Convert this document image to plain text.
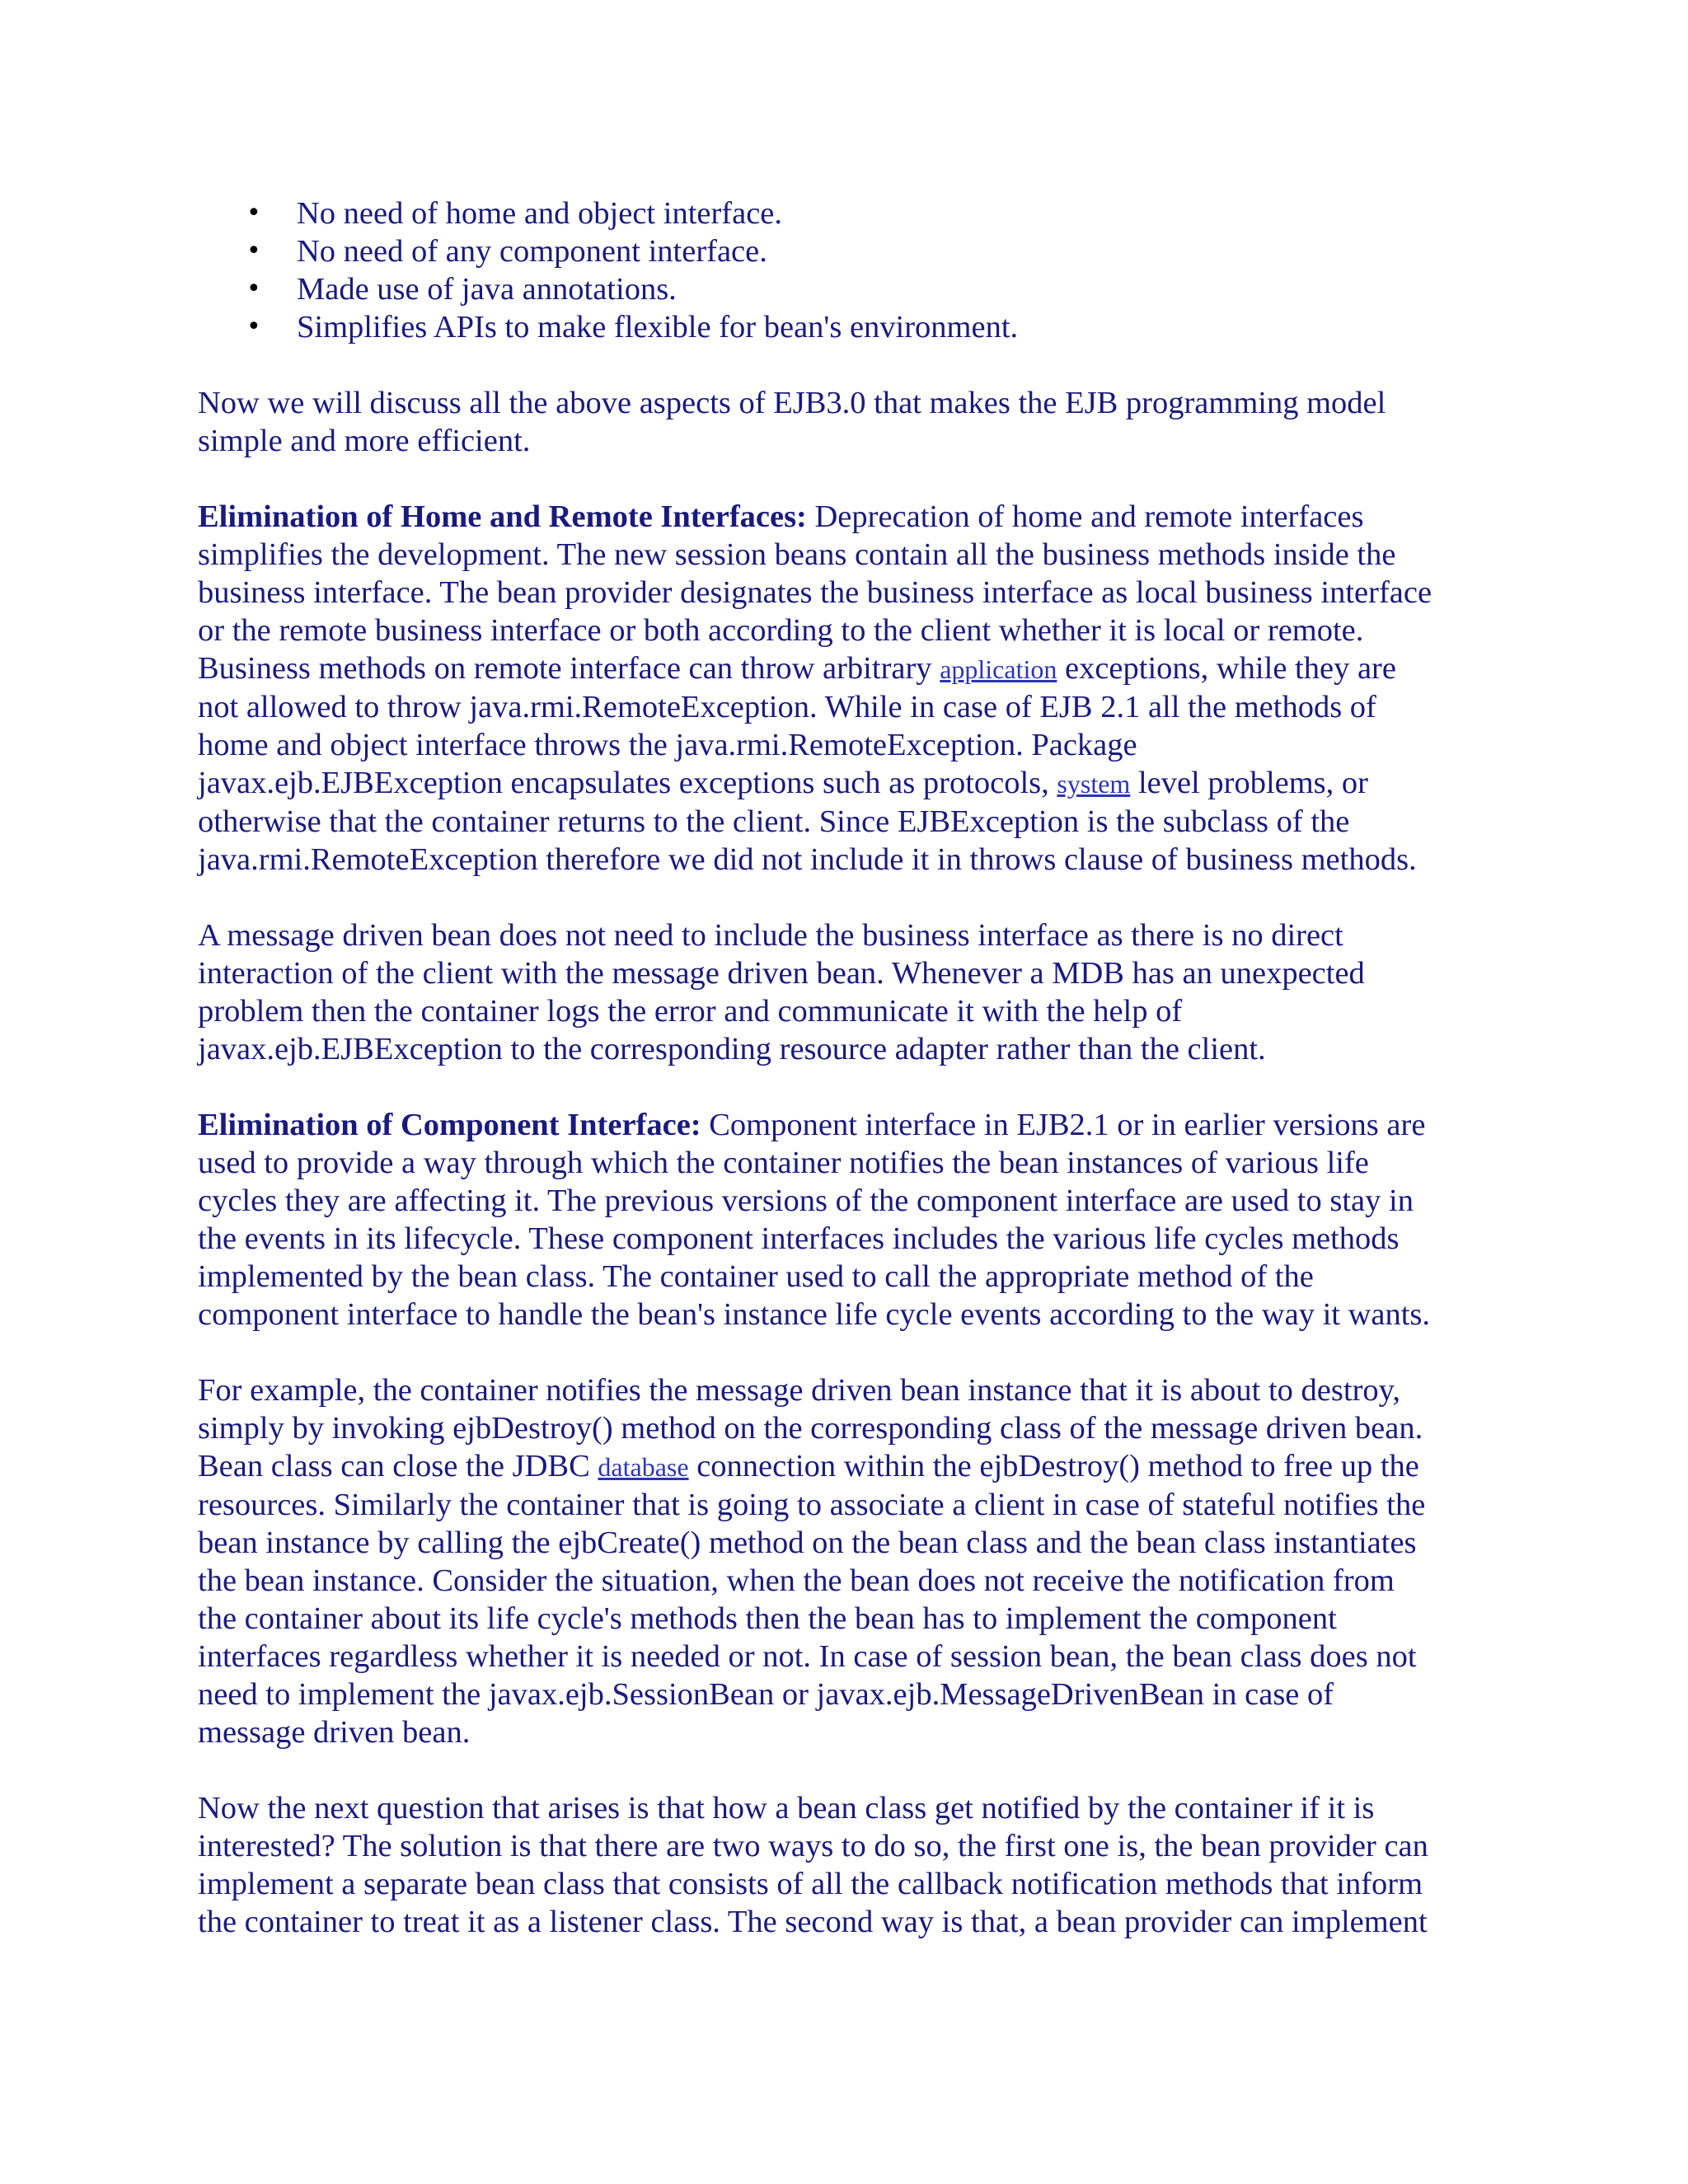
• No need of home and object interface.
• No need of any component interface.
• Made use of java annotations.
• Simplifies APIs to make flexible for bean's environment.

Now we will discuss all the above aspects of EJB3.0 that makes the EJB programming model
simple and more efficient.

Elimination of Home and Remote Interfaces: Deprecation of home and remote interfaces
simplifies the development. The new session beans contain all the business methods inside the
business interface. The bean provider designates the business interface as local business interface
or the remote business interface or both according to the client whether it is local or remote.
Business methods on remote interface can throw arbitrary application exceptions, while they are
not allowed to throw java.rmi.RemoteException. While in case of EJB 2.1 all the methods of
home and object interface throws the java.rmi.RemoteException. Package
javax.ejb.EJBException encapsulates exceptions such as protocols, system level problems, or
otherwise that the container returns to the client. Since EJBException is the subclass of the
java.rmi.RemoteException therefore we did not include it in throws clause of business methods.

A message driven bean does not need to include the business interface as there is no direct
interaction of the client with the message driven bean. Whenever a MDB has an unexpected
problem then the container logs the error and communicate it with the help of
javax.ejb.EJBException to the corresponding resource adapter rather than the client.

Elimination of Component Interface: Component interface in EJB2.1 or in earlier versions are
used to provide a way through which the container notifies the bean instances of various life
cycles they are affecting it. The previous versions of the component interface are used to stay in
the events in its lifecycle. These component interfaces includes the various life cycles methods
implemented by the bean class. The container used to call the appropriate method of the
component interface to handle the bean's instance life cycle events according to the way it wants.

For example, the container notifies the message driven bean instance that it is about to destroy,
simply by invoking ejbDestroy() method on the corresponding class of the message driven bean.
Bean class can close the JDBC database connection within the ejbDestroy() method to free up the
resources. Similarly the container that is going to associate a client in case of stateful notifies the
bean instance by calling the ejbCreate() method on the bean class and the bean class instantiates
the bean instance. Consider the situation, when the bean does not receive the notification from
the container about its life cycle's methods then the bean has to implement the component
interfaces regardless whether it is needed or not. In case of session bean, the bean class does not
need to implement the javax.ejb.SessionBean or javax.ejb.MessageDrivenBean in case of
message driven bean.

Now the next question that arises is that how a bean class get notified by the container if it is
interested? The solution is that there are two ways to do so, the first one is, the bean provider can
implement a separate bean class that consists of all the callback notification methods that inform
the container to treat it as a listener class. The second way is that, a bean provider can implement
